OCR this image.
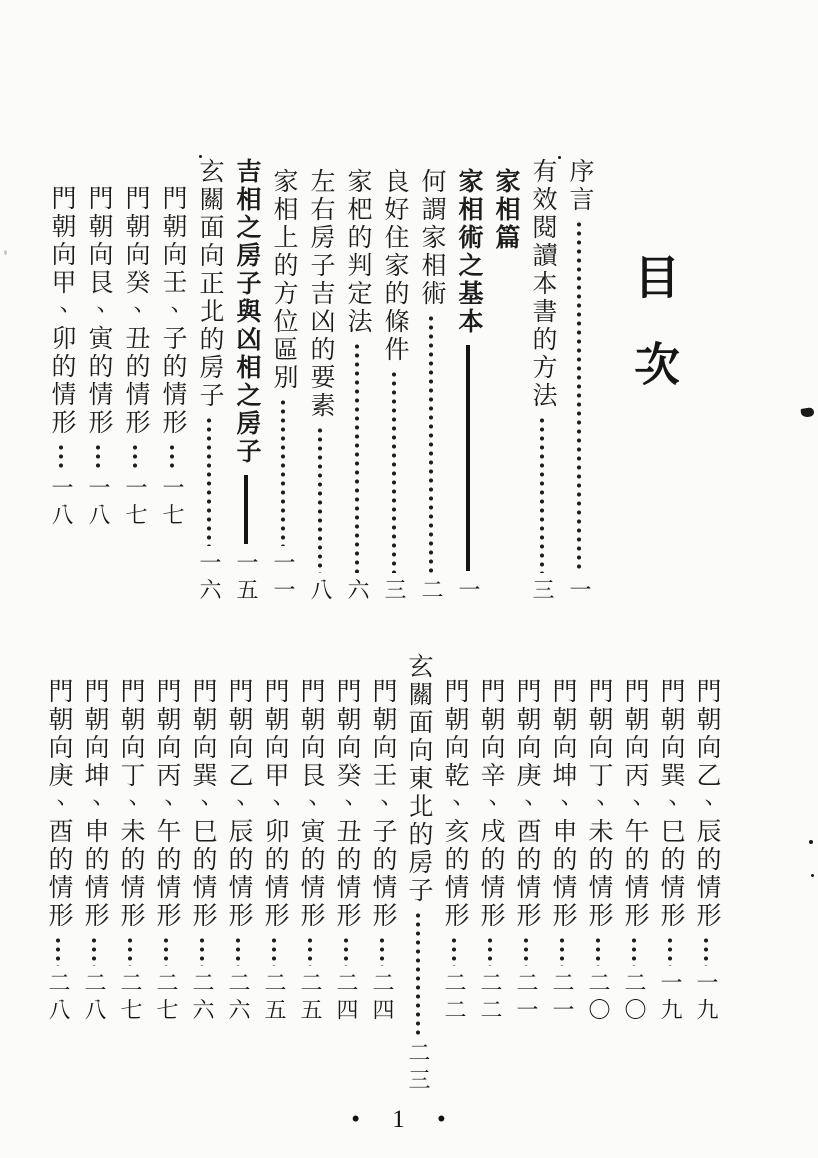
目次
序言
一
有效閱讀本書的方法
三
家相篇
家相術之基本
一
何謂家相術
二
良好住家的條件
三
家杷的判定法
六
左右房子吉凶的要素
八
家相上的方位區別
一一
吉相之房子與凶相之房子
一五
玄關面向正北的房子
一六
門朝向壬、子的情形
一七
門朝向癸、丑的情形
一七
門朝向艮、寅的情形
一八
門朝向甲、卯的情形
一八
門朝向乙、辰的情形
一九
門朝向巽、巳的情形
一九
門朝向丙、午的情形
二〇
門朝向丁、未的情形
二〇
門朝向坤、申的情形
二一
門朝向庚、酉的情形
二一
門朝向辛、戌的情形
二二
門朝向乾、亥的情形
二二
玄關面向東北的房子
二三
門朝向壬、子的情形
二四
門朝向癸、丑的情形
二四
門朝向艮、寅的情形
二五
門朝向甲、卯的情形
二五
門朝向乙、辰的情形
二六
門朝向巽、巳的情形
二六
門朝向丙、午的情形
二七
門朝向丁、未的情形
二七
門朝向坤、申的情形
二八
門朝向庚、酉的情形
二八
• 1 •
